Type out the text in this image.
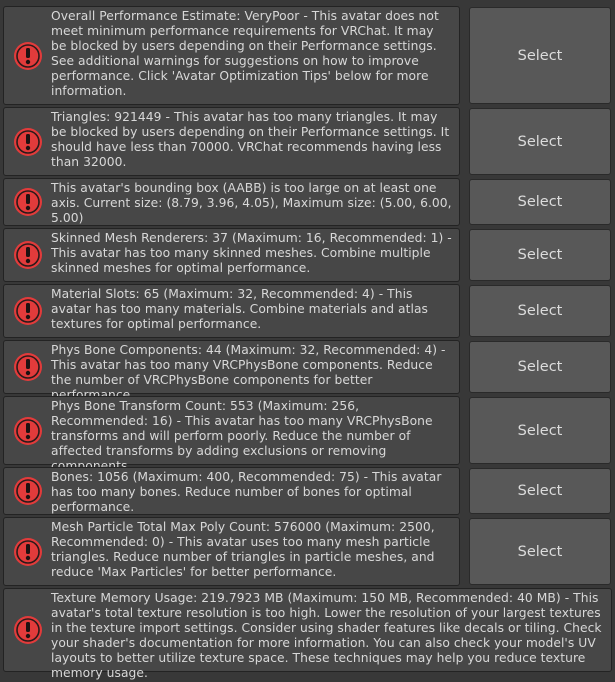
Overall Performance Estimate: VeryPoor - This avatar does not meet minimum performance requirements for VRChat. It may be blocked by users depending on their Performance settings. See additional warnings for suggestions on how to improve performance. Click 'Avatar Optimization Tips' below for more information.
Select
Triangles: 921449 - This avatar has too many triangles. It may be blocked by users depending on their Performance settings. It should have less than 70000. VRChat recommends having less than 32000.
Select
This avatar's bounding box (AABB) is too large on at least one axis. Current size: (8.79, 3.96, 4.05), Maximum size: (5.00, 6.00, 5.00)
Select
Skinned Mesh Renderers: 37 (Maximum: 16, Recommended: 1) - This avatar has too many skinned meshes. Combine multiple skinned meshes for optimal performance.
Select
Material Slots: 65 (Maximum: 32, Recommended: 4) - This avatar has too many materials. Combine materials and atlas textures for optimal performance.
Select
Phys Bone Components: 44 (Maximum: 32, Recommended: 4) - This avatar has too many VRCPhysBone components. Reduce the number of VRCPhysBone components for better
Select
Phys Bone Transform Count: 553 (Maximum: 256, Recommended: 16) - This avatar has too many VRCPhysBone transforms and will perform poorly. Reduce the number of affected transforms by adding exclusions or removing
Select
Bones: 1056 (Maximum: 400, Recommended: 75) - This avatar has too many bones. Reduce number of bones for optimal performance.
Select
Mesh Particle Total Max Poly Count: 576000 (Maximum: 2500, Recommended: 0) - This avatar uses too many mesh particle triangles. Reduce number of triangles in particle meshes, and reduce 'Max Particles' for better performance.
Select
Texture Memory Usage: 219.7923 MB (Maximum: 150 MB, Recommended: 40 MB) - This avatar's total texture resolution is too high. Lower the resolution of your largest textures in the texture import settings. Consider using shader features like decals or tiling. Check your shader's documentation for more information. You can also check your model's UV layouts to better utilize texture space. These techniques may help you reduce texture memory usage.
